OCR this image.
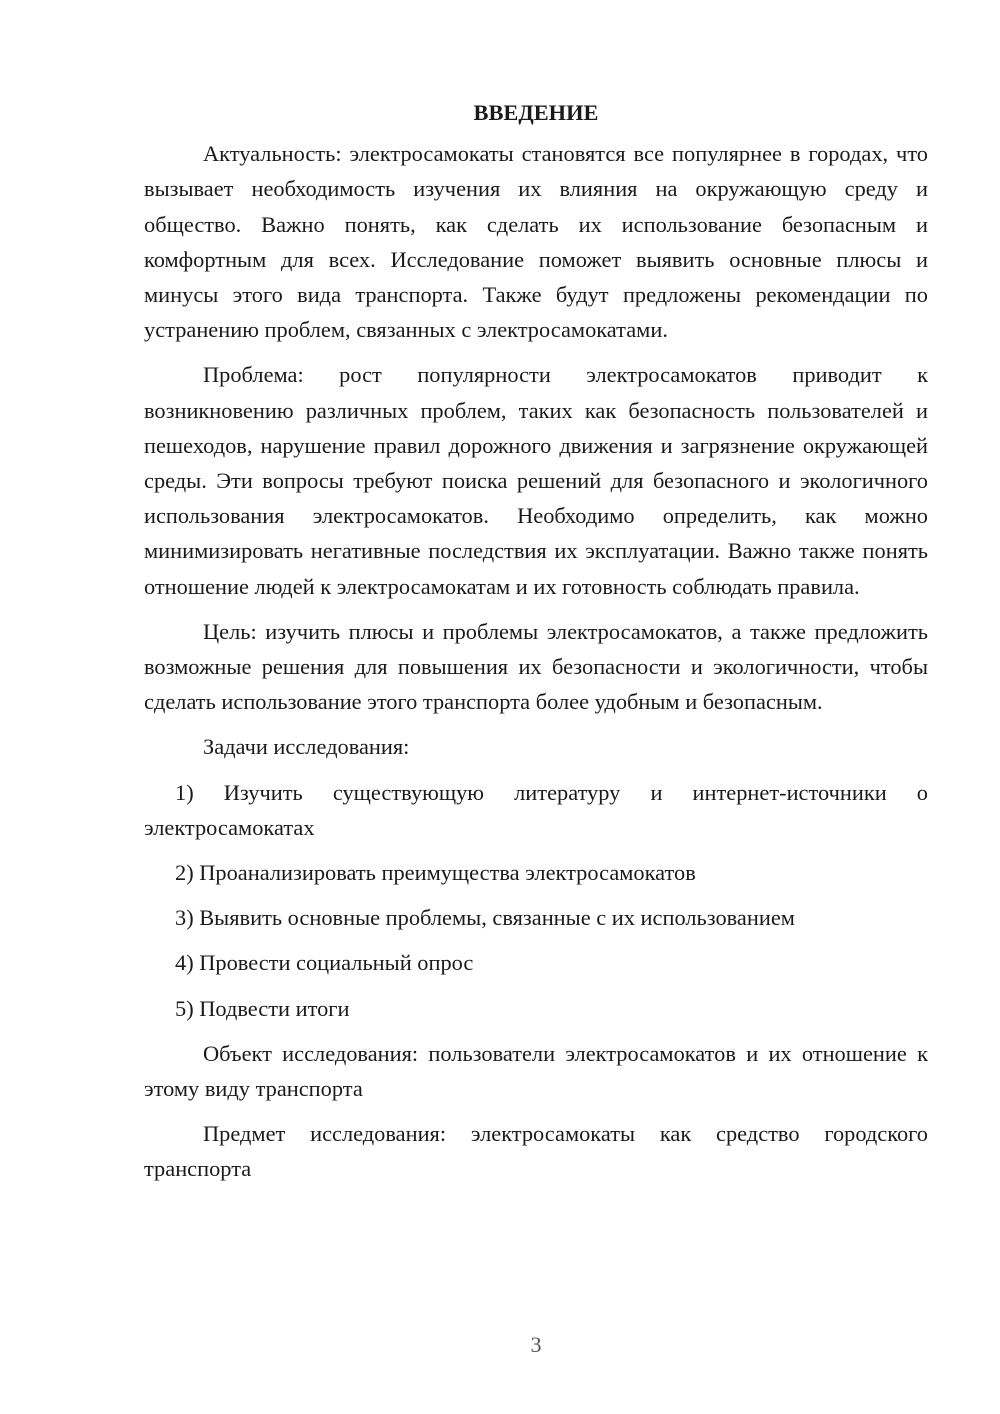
ВВЕДЕНИЕ

Актуальность: электросамокаты становятся все популярнее в городах, что вызывает необходимость изучения их влияния на окружающую среду и общество. Важно понять, как сделать их использование безопасным и комфортным для всех. Исследование поможет выявить основные плюсы и минусы этого вида транспорта. Также будут предложены рекомендации по устранению проблем, связанных с электросамокатами.

Проблема: рост популярности электросамокатов приводит к возникновению различных проблем, таких как безопасность пользователей и пешеходов, нарушение правил дорожного движения и загрязнение окружающей среды. Эти вопросы требуют поиска решений для безопасного и экологичного использования электросамокатов. Необходимо определить, как можно минимизировать негативные последствия их эксплуатации. Важно также понять отношение людей к электросамокатам и их готовность соблюдать правила.

Цель: изучить плюсы и проблемы электросамокатов, а также предложить возможные решения для повышения их безопасности и экологичности, чтобы сделать использование этого транспорта более удобным и безопасным.

Задачи исследования:

1) Изучить существующую литературу и интернет-источники о электросамокатах

2) Проанализировать преимущества электросамокатов

3) Выявить основные проблемы, связанные с их использованием

4) Провести социальный опрос

5) Подвести итоги

Объект исследования: пользователи электросамокатов и их отношение к этому виду транспорта

Предмет исследования: электросамокаты как средство городского транспорта

3
